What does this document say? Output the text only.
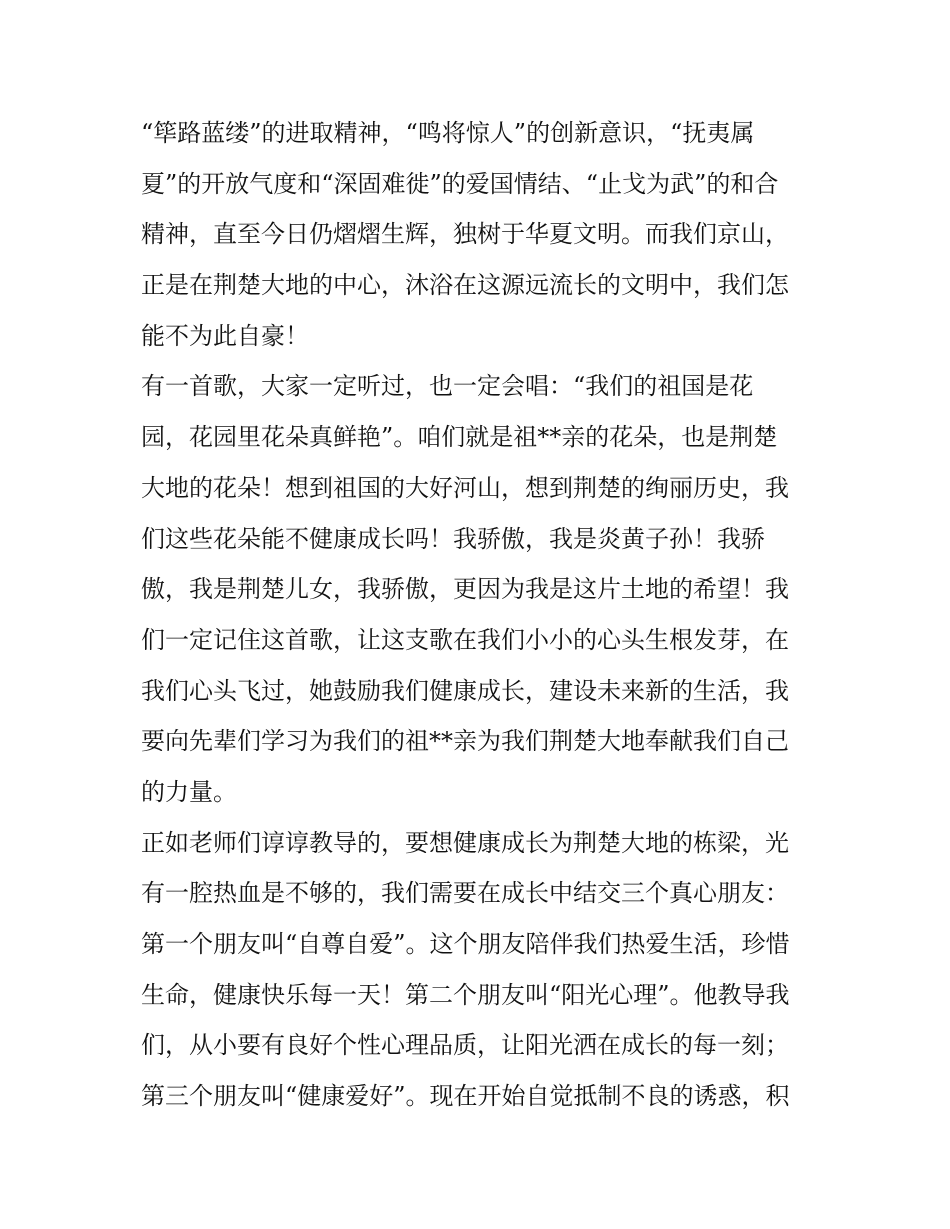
“筚路蓝缕”的进取精神，“鸣将惊人”的创新意识，“抚夷属
夏”的开放气度和“深固难徙”的爱国情结、“止戈为武”的和合
精神，直至今日仍熠熠生辉，独树于华夏文明。而我们京山，
正是在荆楚大地的中心，沐浴在这源远流长的文明中，我们怎
能不为此自豪！
有一首歌，大家一定听过，也一定会唱：“我们的祖国是花
园，花园里花朵真鲜艳”。咱们就是祖**亲的花朵，也是荆楚
大地的花朵！想到祖国的大好河山，想到荆楚的绚丽历史，我
们这些花朵能不健康成长吗！我骄傲，我是炎黄子孙！我骄
傲，我是荆楚儿女，我骄傲，更因为我是这片土地的希望！我
们一定记住这首歌，让这支歌在我们小小的心头生根发芽，在
我们心头飞过，她鼓励我们健康成长，建设未来新的生活，我
要向先辈们学习为我们的祖**亲为我们荆楚大地奉献我们自己
的力量。
正如老师们谆谆教导的，要想健康成长为荆楚大地的栋梁，光
有一腔热血是不够的，我们需要在成长中结交三个真心朋友：
第一个朋友叫“自尊自爱”。这个朋友陪伴我们热爱生活，珍惜
生命，健康快乐每一天！第二个朋友叫“阳光心理”。他教导我
们，从小要有良好个性心理品质，让阳光洒在成长的每一刻；
第三个朋友叫“健康爱好”。现在开始自觉抵制不良的诱惑，积
